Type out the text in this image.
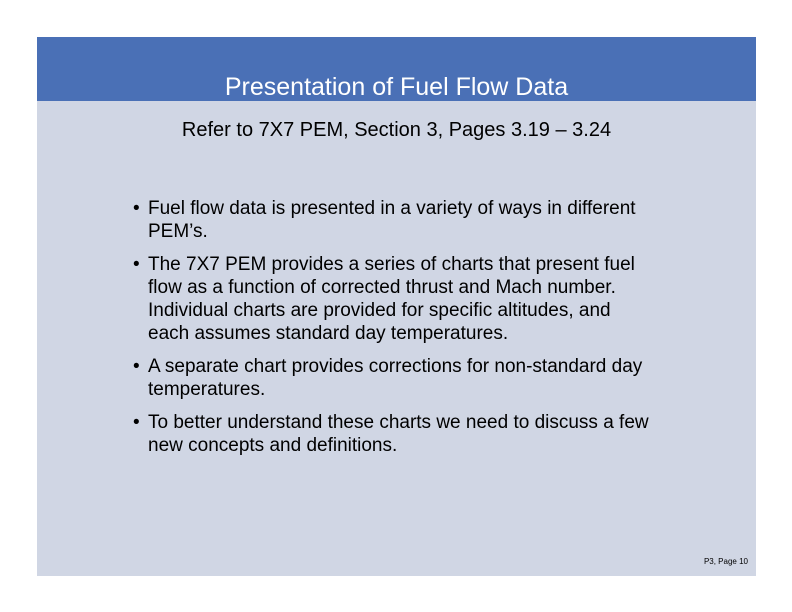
Presentation of Fuel Flow Data
Refer to 7X7 PEM, Section 3, Pages 3.19 – 3.24
• Fuel flow data is presented in a variety of ways in different PEM’s.
• The 7X7 PEM provides a series of charts that present fuel flow as a function of corrected thrust and Mach number. Individual charts are provided for specific altitudes, and each assumes standard day temperatures.
• A separate chart provides corrections for non-standard day temperatures.
• To better understand these charts we need to discuss a few new concepts and definitions.
P3, Page 10
